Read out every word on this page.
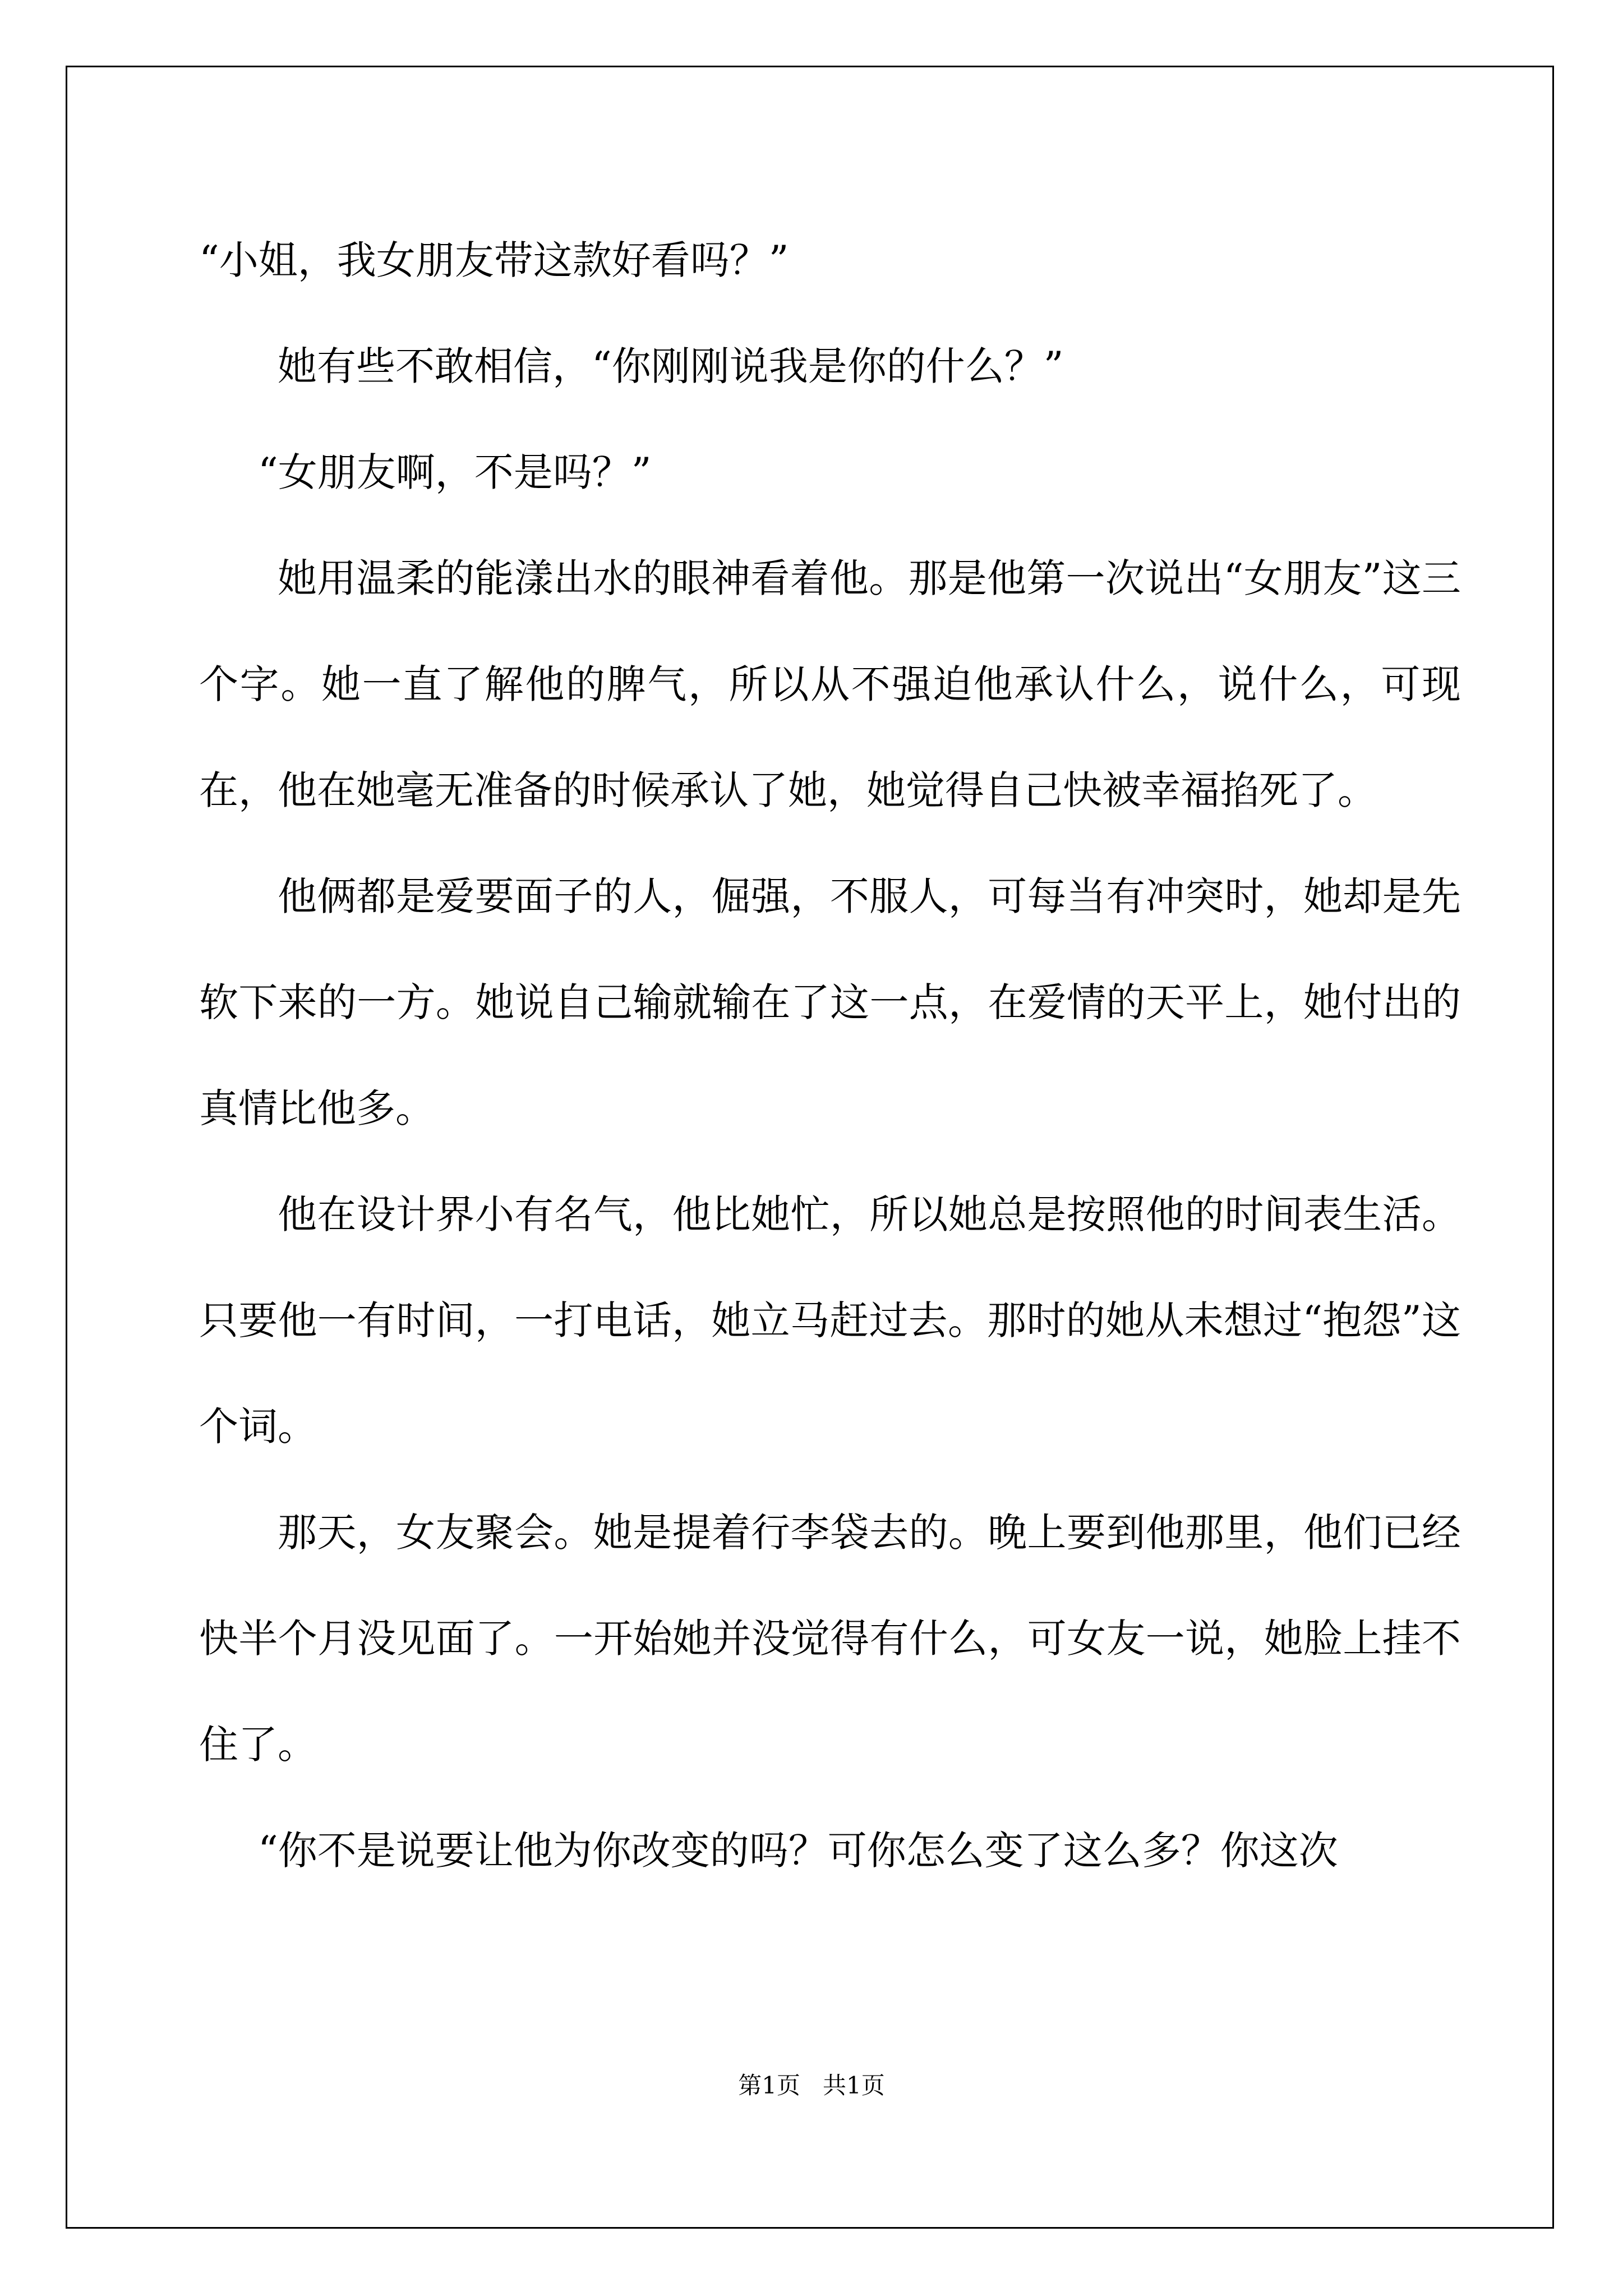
“小姐，我女朋友带这款好看吗？”

她有些不敢相信，“你刚刚说我是你的什么？”

“女朋友啊，不是吗？”

她用温柔的能漾出水的眼神看着他。那是他第一次说出“女朋友”这三个字。她一直了解他的脾气，所以从不强迫他承认什么，说什么，可现在，他在她毫无准备的时候承认了她，她觉得自己快被幸福掐死了。

他俩都是爱要面子的人，倔强，不服人，可每当有冲突时，她却是先软下来的一方。她说自己输就输在了这一点，在爱情的天平上，她付出的真情比他多。

他在设计界小有名气，他比她忙，所以她总是按照他的时间表生活。只要他一有时间，一打电话，她立马赶过去。那时的她从未想过“抱怨”这个词。

那天，女友聚会。她是提着行李袋去的。晚上要到他那里，他们已经快半个月没见面了。一开始她并没觉得有什么，可女友一说，她脸上挂不住了。

“你不是说要让他为你改变的吗？可你怎么变了这么多？你这次

第1页   共1页
